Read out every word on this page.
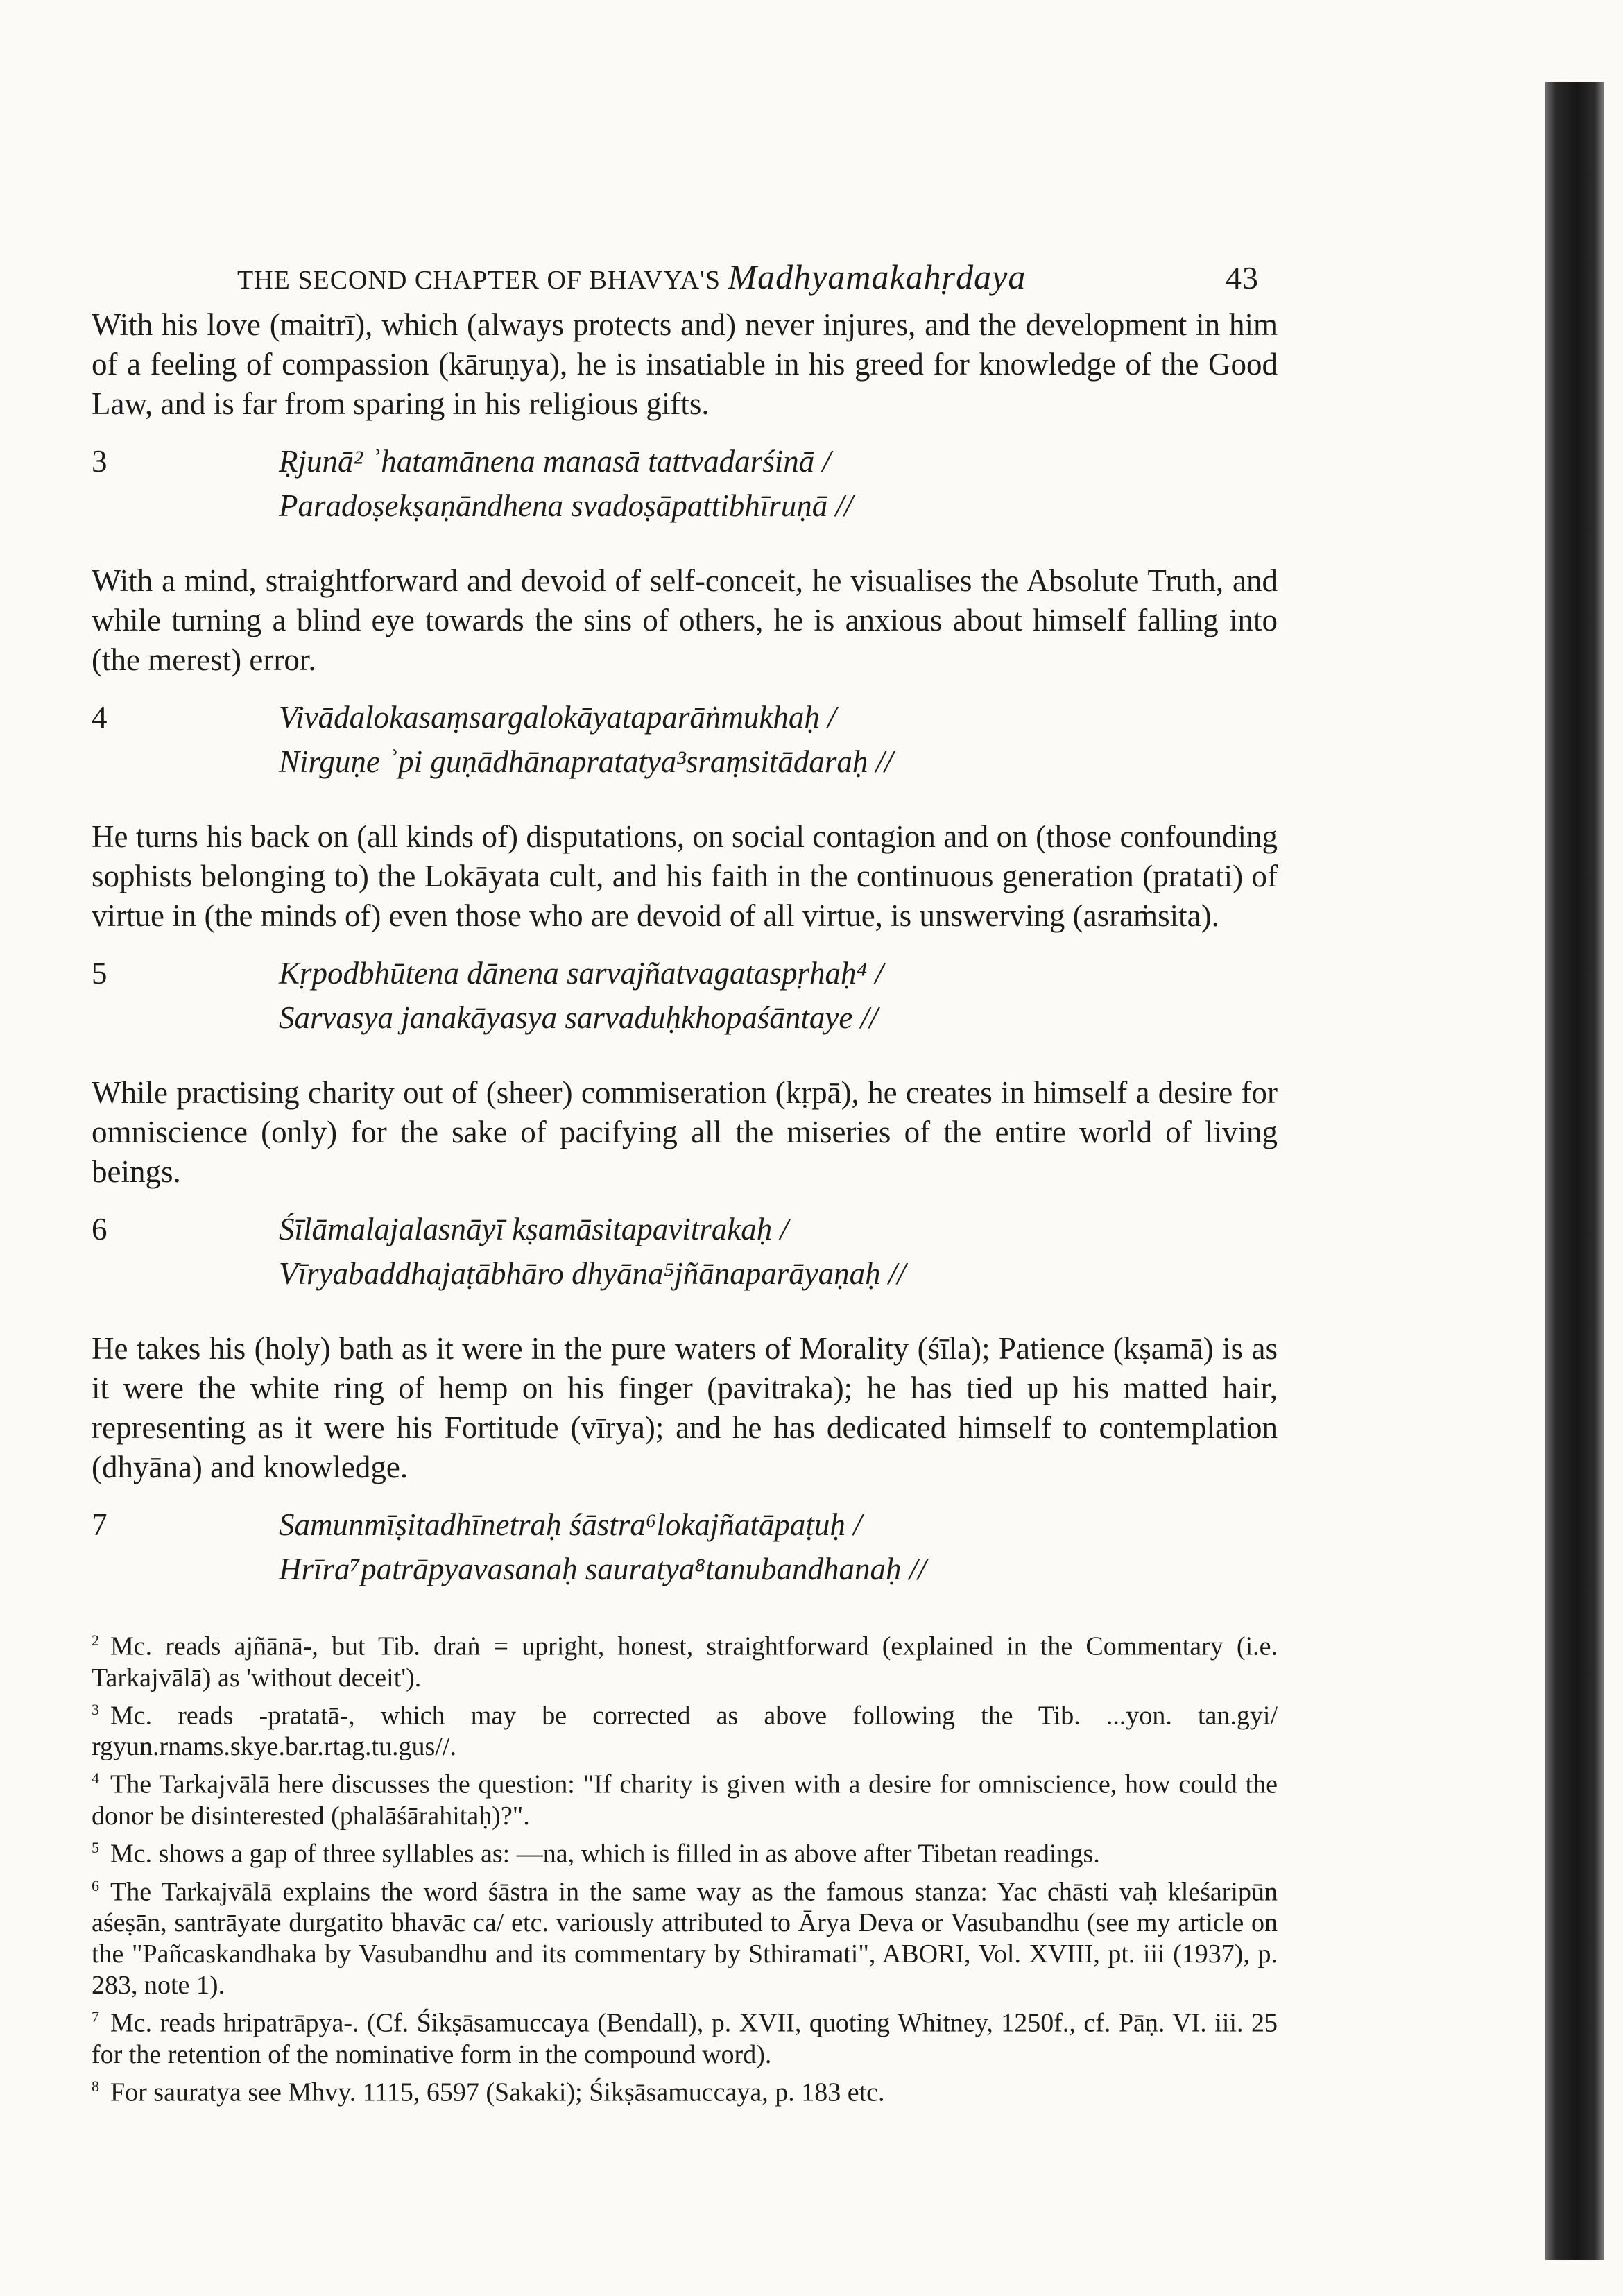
THE SECOND CHAPTER OF BHAVYA'S Madhyamakahṛdaya	43

With his love (maitrī), which (always protects and) never injures, and the development in him of a feeling of compassion (kāruṇya), he is insatiable in his greed for knowledge of the Good Law, and is far from sparing in his religious gifts.

3	Ṛjunā² ʾhatamānena manasā tattvadarśinā /
Paradoṣekṣaṇāndhena svadoṣāpattibhīruṇā //

With a mind, straightforward and devoid of self-conceit, he visualises the Absolute Truth, and while turning a blind eye towards the sins of others, he is anxious about himself falling into (the merest) error.

4	Vivādalokasaṃsargalokāyataparāṅmukhaḥ /
Nirguṇe ʾpi guṇādhānapratatya³sraṃsitādaraḥ //

He turns his back on (all kinds of) disputations, on social contagion and on (those confounding sophists belonging to) the Lokāyata cult, and his faith in the continuous generation (pratati) of virtue in (the minds of) even those who are devoid of all virtue, is unswerving (asraṁsita).

5	Kṛpodbhūtena dānena sarvajñatvagataspṛhaḥ⁴ /
Sarvasya janakāyasya sarvaduḥkhopaśāntaye //

While practising charity out of (sheer) commiseration (kṛpā), he creates in himself a desire for omniscience (only) for the sake of pacifying all the miseries of the entire world of living beings.

6	Śīlāmalajalasnāyī kṣamāsitapavitrakaḥ /
Vīryabaddhajaṭābhāro dhyāna⁵jñānaparāyaṇaḥ //

He takes his (holy) bath as it were in the pure waters of Morality (śīla); Patience (kṣamā) is as it were the white ring of hemp on his finger (pavitraka); he has tied up his matted hair, representing as it were his Fortitude (vīrya); and he has dedicated himself to contemplation (dhyāna) and knowledge.

7	Samunmīṣitadhīnetraḥ śāstra⁶lokajñatāpaṭuḥ /
Hrīra⁷patrāpyavasanaḥ sauratya⁸tanubandhanaḥ //

$^2$ Mc. reads ajñānā-, but Tib. draṅ = upright, honest, straightforward (explained in the Commentary (i.e. Tarkajvālā) as 'without deceit').

$^3$ Mc. reads -pratatā-, which may be corrected as above following the Tib. ...yon. tan.gyi/ rgyun.rnams.skye.bar.rtag.tu.gus//.

$^4$ The Tarkajvālā here discusses the question: "If charity is given with a desire for omniscience, how could the donor be disinterested (phalāśārahitaḥ)?".

$^5$ Mc. shows a gap of three syllables as: —na, which is filled in as above after Tibetan readings.

$^6$ The Tarkajvālā explains the word śāstra in the same way as the famous stanza: Yac chāsti vaḥ kleśaripūn aśeṣān, santrāyate durgatito bhavāc ca/ etc. variously attributed to Ārya Deva or Vasubandhu (see my article on the "Pañcaskandhaka by Vasubandhu and its commentary by Sthiramati", ABORI, Vol. XVIII, pt. iii (1937), p. 283, note 1).

$^7$ Mc. reads hripatrāpya-. (Cf. Śikṣāsamuccaya (Bendall), p. XVII, quoting Whitney, 1250f., cf. Pāṇ. VI. iii. 25 for the retention of the nominative form in the compound word).

$^8$ For sauratya see Mhvy. 1115, 6597 (Sakaki); Śikṣāsamuccaya, p. 183 etc.
